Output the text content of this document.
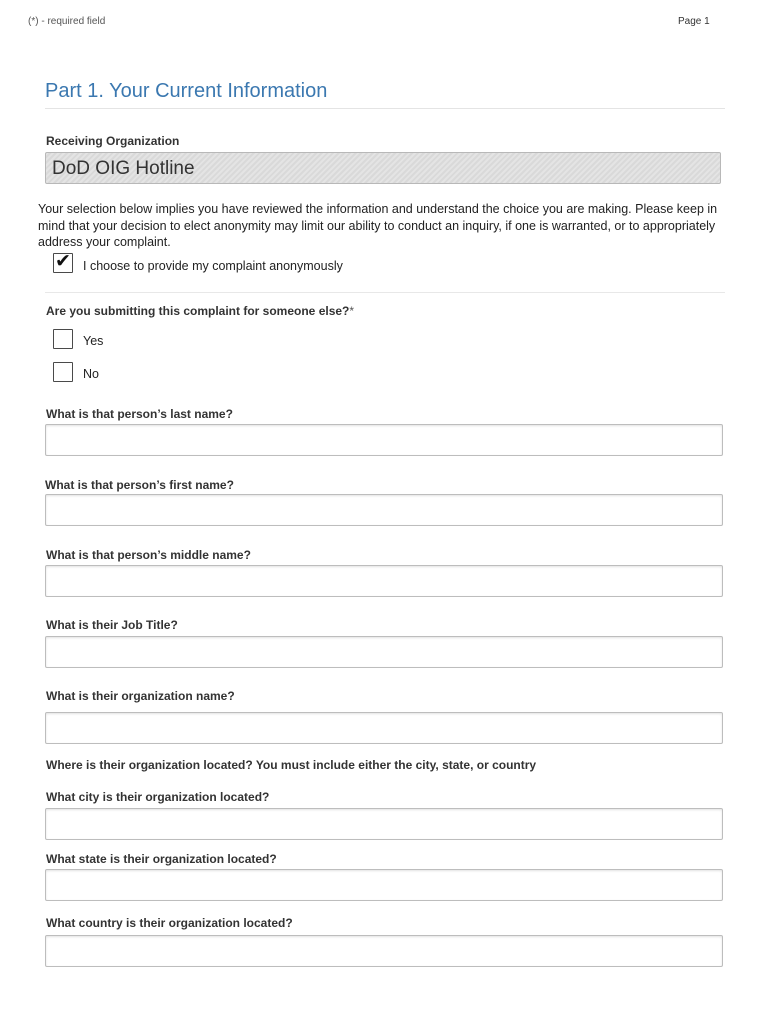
(*) - required field	Page 1
Part 1. Your Current Information
Receiving Organization
DoD OIG Hotline
Your selection below implies you have reviewed the information and understand the choice you are making. Please keep in mind that your decision to elect anonymity may limit our ability to conduct an inquiry, if one is warranted, or to appropriately address your complaint.
✔ I choose to provide my complaint anonymously
Are you submitting this complaint for someone else?*
Yes
No
What is that person’s last name?
What is that person’s first name?
What is that person’s middle name?
What is their Job Title?
What is their organization name?
Where is their organization located? You must include either the city, state, or country
What city is their organization located?
What state is their organization located?
What country is their organization located?
